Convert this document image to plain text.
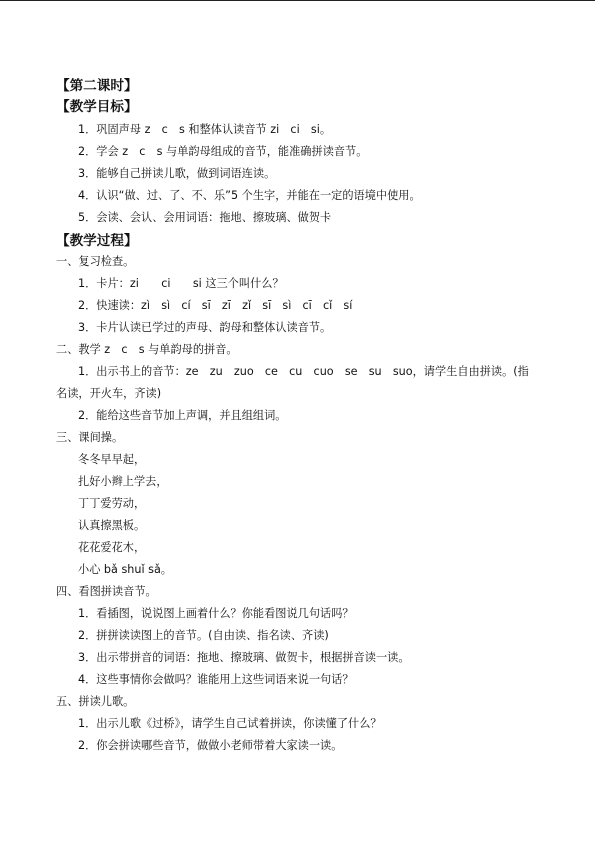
【第二课时】
【教学目标】
1．巩固声母 z　c　s 和整体认读音节 zi　ci　si。
2．学会 z　c　s 与单韵母组成的音节，能准确拼读音节。
3．能够自己拼读儿歌，做到词语连读。
4．认识“做、过、了、不、乐”5 个生字，并能在一定的语境中使用。
5．会读、会认、会用词语：拖地、擦玻璃、做贺卡
【教学过程】
一、复习检查。
1．卡片：zi　　ci　　si 这三个叫什么？
2．快速读：zì　sì　cí　sī　zī　zǐ　sī　sì　cī　cǐ　sí
3．卡片认读已学过的声母、韵母和整体认读音节。
二、教学 z　c　s 与单韵母的拼音。
1．出示书上的音节：ze　zu　zuo　ce　cu　cuo　se　su　suo，请学生自由拼读。(指
名读，开火车，齐读)
2．能给这些音节加上声调，并且组组词。
三、课间操。
冬冬早早起，
扎好小辫上学去，
丁丁爱劳动，
认真擦黑板。
花花爱花木，
小心 bǎ shuǐ sǎ。
四、看图拼读音节。
1．看插图，说说图上画着什么？你能看图说几句话吗？
2．拼拼读读图上的音节。(自由读、指名读、齐读)
3．出示带拼音的词语：拖地、擦玻璃、做贺卡，根据拼音读一读。
4．这些事情你会做吗？谁能用上这些词语来说一句话？
五、拼读儿歌。
1．出示儿歌《过桥》，请学生自己试着拼读，你读懂了什么？
2．你会拼读哪些音节，做做小老师带着大家读一读。
